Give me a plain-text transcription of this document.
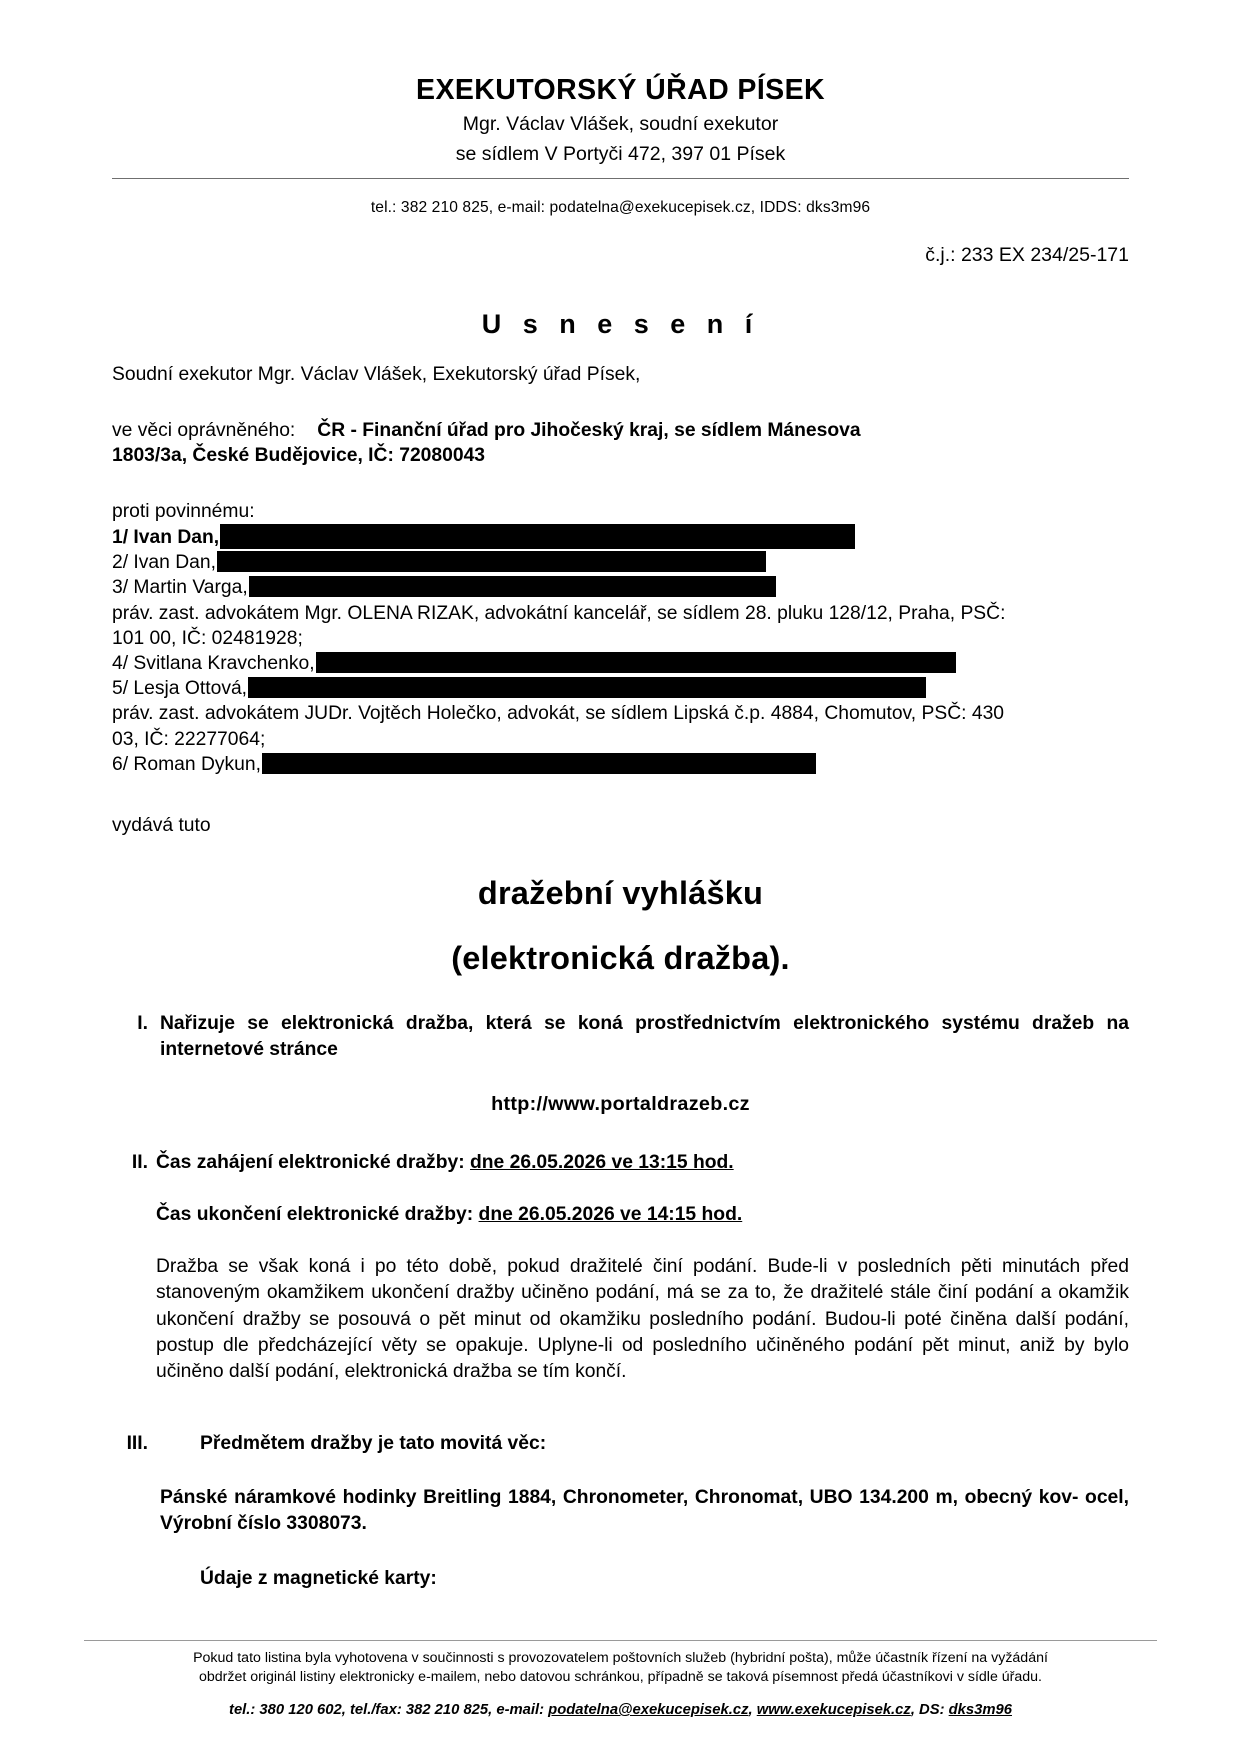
EXEKUTORSKÝ ÚŘAD PÍSEK
Mgr. Václav Vlášek, soudní exekutor
se sídlem V Portyči 472, 397 01 Písek
tel.: 382 210 825, e-mail: podatelna@exekucepisek.cz, IDDS: dks3m96
č.j.: 233 EX 234/25-171
U s n e s e n í
Soudní exekutor Mgr. Václav Vlášek, Exekutorský úřad Písek,
ve věci oprávněného: ČR - Finanční úřad pro Jihočeský kraj, se sídlem Mánesova
1803/3a, České Budějovice, IČ: 72080043
proti povinnému:
1/ Ivan Dan,
2/ Ivan Dan,
3/ Martin Varga,
práv. zast. advokátem Mgr. OLENA RIZAK, advokátní kancelář, se sídlem 28. pluku 128/12, Praha, PSČ:
101 00, IČ: 02481928;
4/ Svitlana Kravchenko,
5/ Lesja Ottová,
práv. zast. advokátem JUDr. Vojtěch Holečko, advokát, se sídlem Lipská č.p. 4884, Chomutov, PSČ: 430
03, IČ: 22277064;
6/ Roman Dykun,
vydává tuto
dražební vyhlášku
(elektronická dražba).
I. Nařizuje se elektronická dražba, která se koná prostřednictvím elektronického systému dražeb na internetové stránce
http://www.portaldrazeb.cz
II. Čas zahájení elektronické dražby: dne 26.05.2026 ve 13:15 hod.
Čas ukončení elektronické dražby: dne 26.05.2026 ve 14:15 hod.
Dražba se však koná i po této době, pokud dražitelé činí podání. Bude-li v posledních pěti minutách před stanoveným okamžikem ukončení dražby učiněno podání, má se za to, že dražitelé stále činí podání a okamžik ukončení dražby se posouvá o pět minut od okamžiku posledního podání. Budou-li poté činěna další podání, postup dle předcházející věty se opakuje. Uplyne-li od posledního učiněného podání pět minut, aniž by bylo učiněno další podání, elektronická dražba se tím končí.
III.	Předmětem dražby je tato movitá věc:
Pánské náramkové hodinky Breitling 1884, Chronometer, Chronomat, UBO 134.200 m, obecný kov- ocel, Výrobní číslo 3308073.
Údaje z magnetické karty:
Pokud tato listina byla vyhotovena v součinnosti s provozovatelem poštovních služeb (hybridní pošta), může účastník řízení na vyžádání
obdržet originál listiny elektronicky e-mailem, nebo datovou schránkou, případně se taková písemnost předá účastníkovi v sídle úřadu.
tel.: 380 120 602, tel./fax: 382 210 825, e-mail: podatelna@exekucepisek.cz, www.exekucepisek.cz, DS: dks3m96
